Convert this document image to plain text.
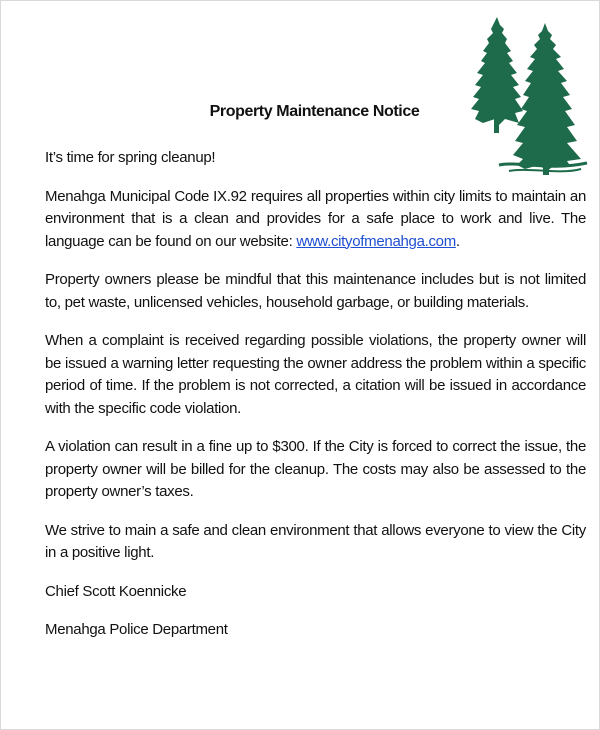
Property Maintenance Notice

It’s time for spring cleanup!

Menahga Municipal Code IX.92 requires all properties within city limits to maintain an environment that is a clean and provides for a safe place to work and live. The language can be found on our website: www.cityofmenahga.com.

Property owners please be mindful that this maintenance includes but is not limited to, pet waste, unlicensed vehicles, household garbage, or building materials.

When a complaint is received regarding possible violations, the property owner will be issued a warning letter requesting the owner address the problem within a specific period of time. If the problem is not corrected, a citation will be issued in accordance with the specific code violation.

A violation can result in a fine up to $300. If the City is forced to correct the issue, the property owner will be billed for the cleanup. The costs may also be assessed to the property owner’s taxes.

We strive to main a safe and clean environment that allows everyone to view the City in a positive light.

Chief Scott Koennicke

Menahga Police Department
